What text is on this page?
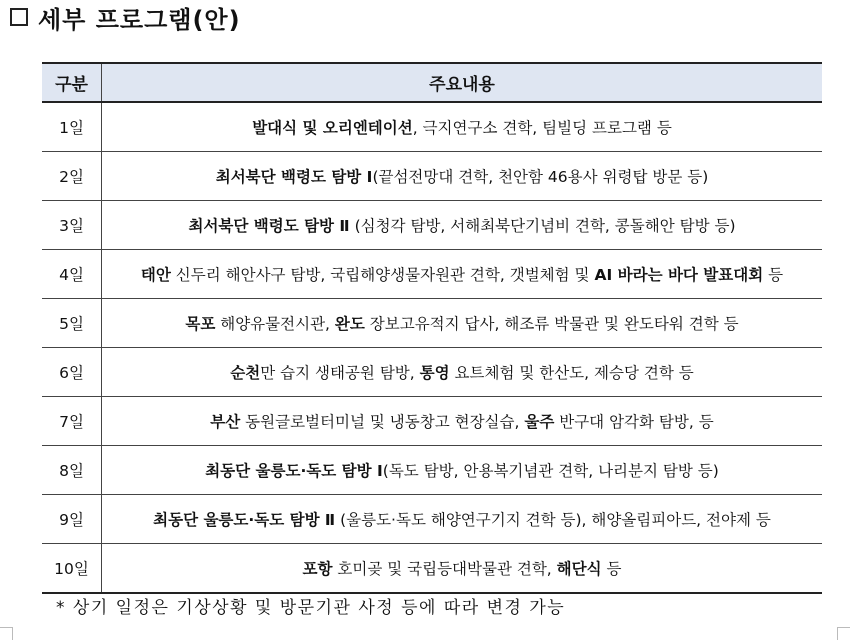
세부 프로그램(안)
구분	주요내용
1일	발대식 및 오리엔테이션, 극지연구소 견학, 팀빌딩 프로그램 등
2일	최서북단 백령도 탐방 Ⅰ(끝섬전망대 견학, 천안함 46용사 위령탑 방문 등)
3일	최서북단 백령도 탐방 Ⅱ (심청각 탐방, 서해최북단기념비 견학, 콩돌해안 탐방 등)
4일	태안 신두리 해안사구 탐방, 국립해양생물자원관 견학, 갯벌체험 및 AI 바라는 바다 발표대회 등
5일	목포 해양유물전시관, 완도 장보고유적지 답사, 해조류 박물관 및 완도타워 견학 등
6일	순천만 습지 생태공원 탐방, 통영 요트체험 및 한산도, 제승당 견학 등
7일	부산 동원글로벌터미널 및 냉동창고 현장실습, 울주 반구대 암각화 탐방, 등
8일	최동단 울릉도·독도 탐방 Ⅰ(독도 탐방, 안용복기념관 견학, 나리분지 탐방 등)
9일	최동단 울릉도·독도 탐방 Ⅱ (울릉도·독도 해양연구기지 견학 등), 해양올림피아드, 전야제 등
10일	포항 호미곶 및 국립등대박물관 견학, 해단식 등
* 상기 일정은 기상상황 및 방문기관 사정 등에 따라 변경 가능
